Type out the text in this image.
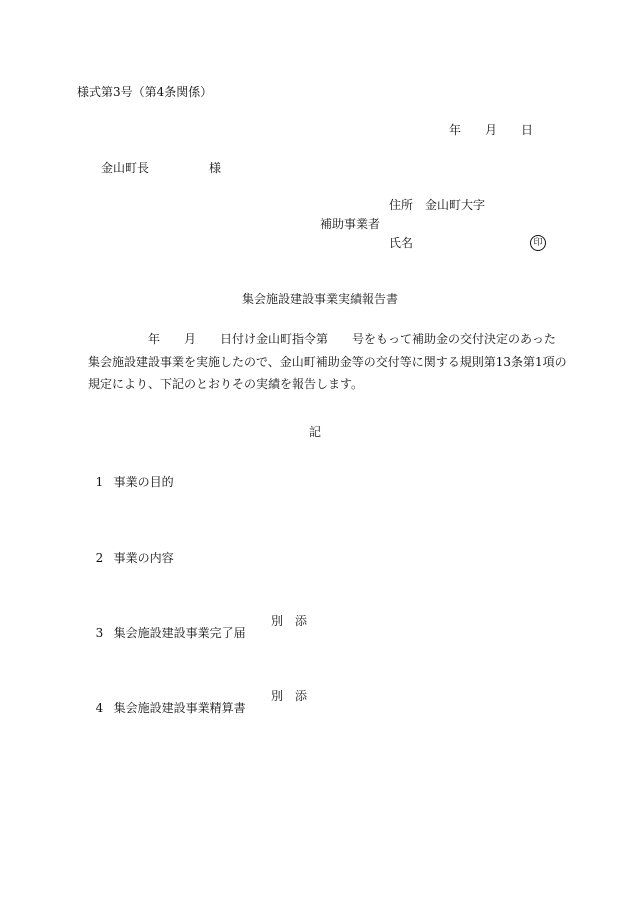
様式第3号（第4条関係）
年　　月　　日
金山町長　　　　　様
住所　金山町大字
補助事業者
氏名	印
集会施設建設事業実績報告書
　　　　　年　　月　　日付け金山町指令第　　号をもって補助金の交付決定のあった
集会施設建設事業を実施したので、金山町補助金等の交付等に関する規則第13条第1項の
規定により、下記のとおりその実績を報告します。
記

1 事業の目的

2 事業の内容

3 集会施設建設事業完了届

別　添

4 集会施設建設事業精算書

別　添
